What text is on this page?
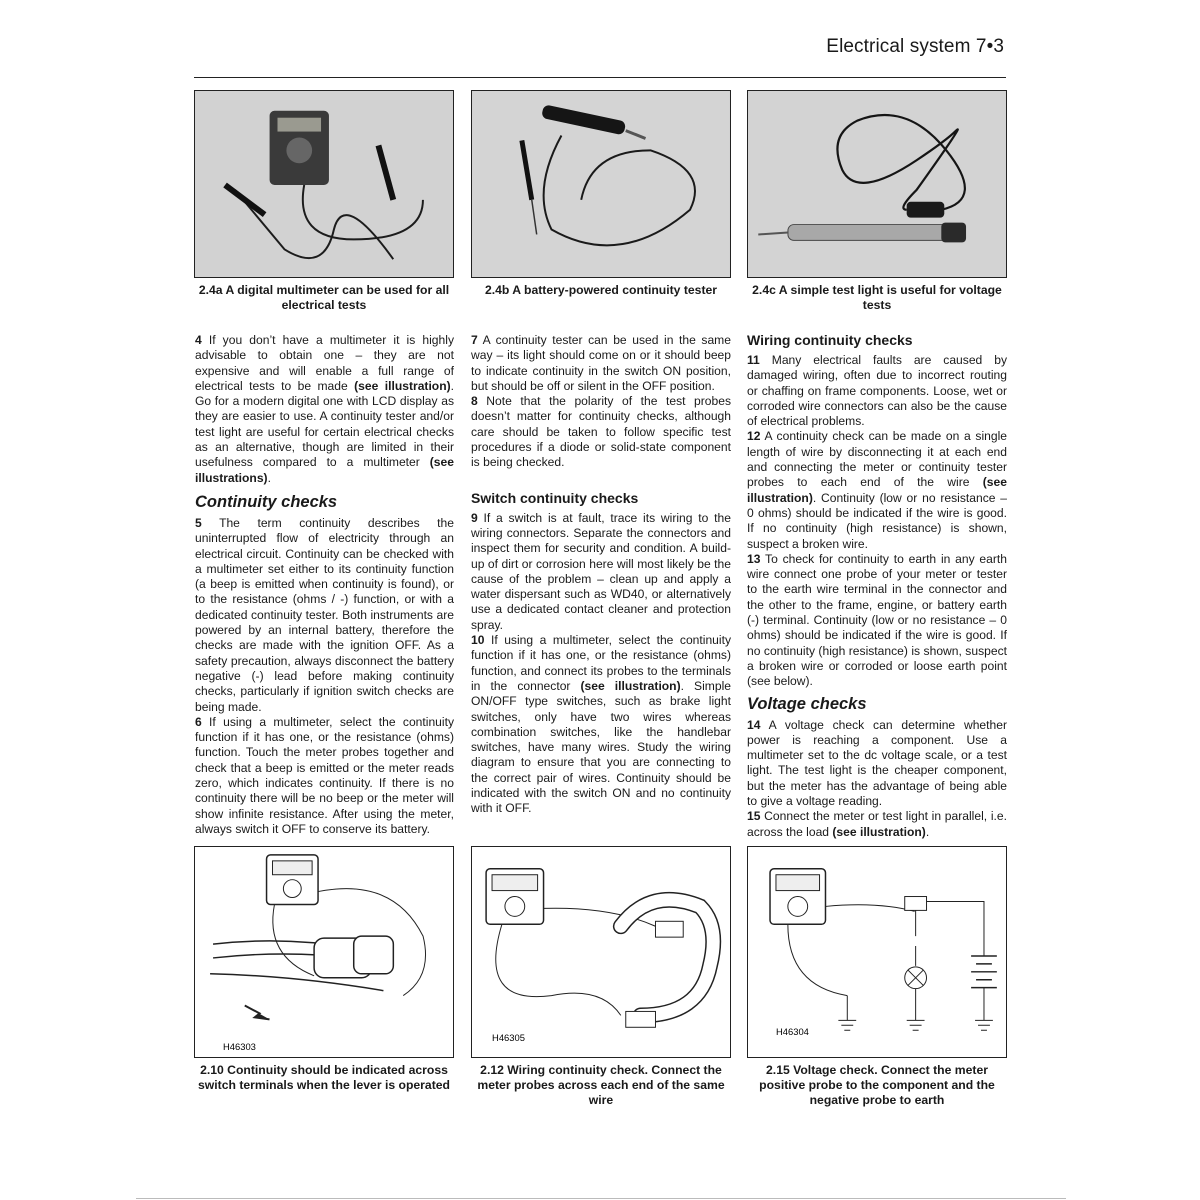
Electrical system 7•3
2.4a A digital multimeter can be used for all electrical tests
2.4b A battery-powered continuity tester	2.4c A simple test light is useful for voltage tests

4 If you don’t have a multimeter it is highly advisable to obtain one – they are not expensive and will enable a full range of electrical tests to be made (see illustration). Go for a modern digital one with LCD display as they are easier to use. A continuity tester and/or test light are useful for certain electrical checks as an alternative, though are limited in their usefulness compared to a multimeter (see illustrations).

Continuity checks

5 The term continuity describes the uninterrupted flow of electricity through an electrical circuit. Continuity can be checked with a multimeter set either to its continuity function (a beep is emitted when continuity is found), or to the resistance (ohms / -) function, or with a dedicated continuity tester. Both instruments are powered by an internal battery, therefore the checks are made with the ignition OFF. As a safety precaution, always disconnect the battery negative (-) lead before making continuity checks, particularly if ignition switch checks are being made.

6 If using a multimeter, select the continuity function if it has one, or the resistance (ohms) function. Touch the meter probes together and check that a beep is emitted or the meter reads zero, which indicates continuity. If there is no continuity there will be no beep or the meter will show infinite resistance. After using the meter, always switch it OFF to conserve its battery.

7 A continuity tester can be used in the same way – its light should come on or it should beep to indicate continuity in the switch ON position, but should be off or silent in the OFF position.

8 Note that the polarity of the test probes doesn’t matter for continuity checks, although care should be taken to follow specific test procedures if a diode or solid-state component is being checked.

Switch continuity checks

9 If a switch is at fault, trace its wiring to the wiring connectors. Separate the connectors and inspect them for security and condition. A build-up of dirt or corrosion here will most likely be the cause of the problem – clean up and apply a water dispersant such as WD40, or alternatively use a dedicated contact cleaner and protection spray.

10 If using a multimeter, select the continuity function if it has one, or the resistance (ohms) function, and connect its probes to the terminals in the connector (see illustration). Simple ON/OFF type switches, such as brake light switches, only have two wires whereas combination switches, like the handlebar switches, have many wires. Study the wiring diagram to ensure that you are connecting to the correct pair of wires. Continuity should be indicated with the switch ON and no continuity with it OFF.

Wiring continuity checks

11 Many electrical faults are caused by damaged wiring, often due to incorrect routing or chaffing on frame components. Loose, wet or corroded wire connectors can also be the cause of electrical problems.

12 A continuity check can be made on a single length of wire by disconnecting it at each end and connecting the meter or continuity tester probes to each end of the wire (see illustration). Continuity (low or no resistance – 0 ohms) should be indicated if the wire is good. If no continuity (high resistance) is shown, suspect a broken wire.

13 To check for continuity to earth in any earth wire connect one probe of your meter or tester to the earth wire terminal in the connector and the other to the frame, engine, or battery earth (-) terminal. Continuity (low or no resistance – 0 ohms) should be indicated if the wire is good. If no continuity (high resistance) is shown, suspect a broken wire or corroded or loose earth point (see below).

Voltage checks

14 A voltage check can determine whether power is reaching a component. Use a multimeter set to the dc voltage scale, or a test light. The test light is the cheaper component, but the meter has the advantage of being able to give a voltage reading.

15 Connect the meter or test light in parallel, i.e. across the load (see illustration).

H46303
2.10 Continuity should be indicated across switch terminals when the lever is operated
H46305
2.12 Wiring continuity check. Connect the meter probes across each end of the same wire
H46304
2.15 Voltage check. Connect the meter positive probe to the component and the negative probe to earth
